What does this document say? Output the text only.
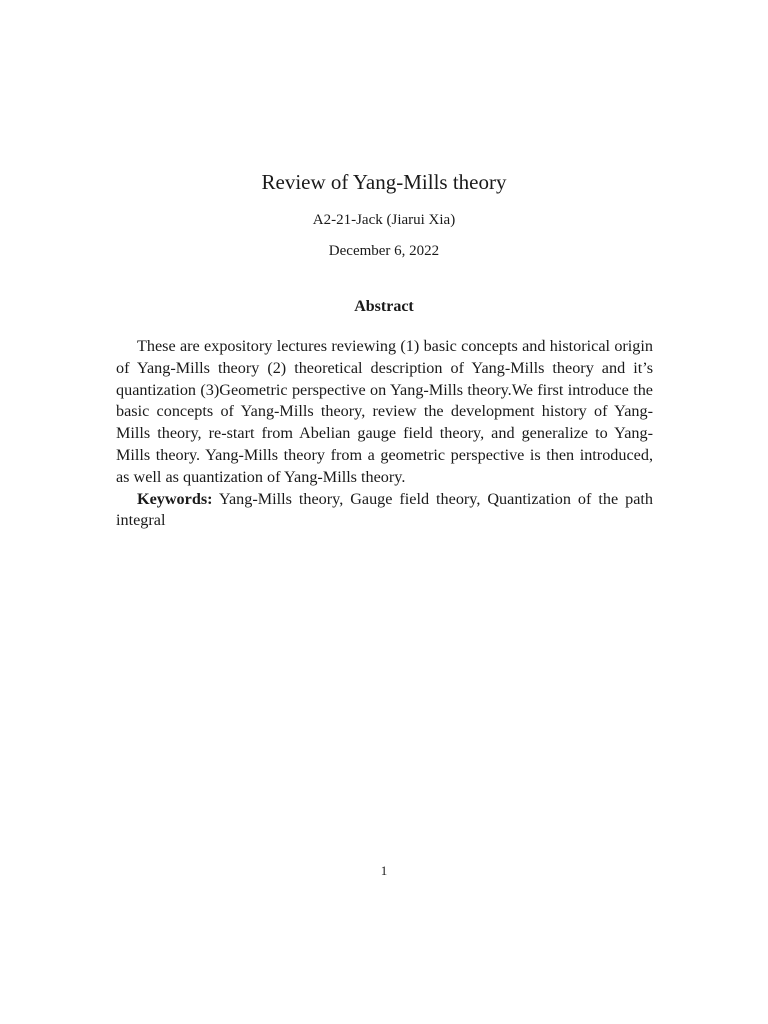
Review of Yang-Mills theory
A2-21-Jack (Jiarui Xia)
December 6, 2022
Abstract

These are expository lectures reviewing (1) basic concepts and historical origin of Yang-Mills theory (2) theoretical description of Yang-Mills theory and it’s quantization (3)Geometric perspective on Yang-Mills theory.We first introduce the basic concepts of Yang-Mills theory, review the development history of Yang-Mills theory, re-start from Abelian gauge field theory, and generalize to Yang-Mills theory. Yang-Mills theory from a geometric perspective is then introduced, as well as quantization of Yang-Mills theory.

Keywords: Yang-Mills theory, Gauge field theory, Quantization of the path integral

1
